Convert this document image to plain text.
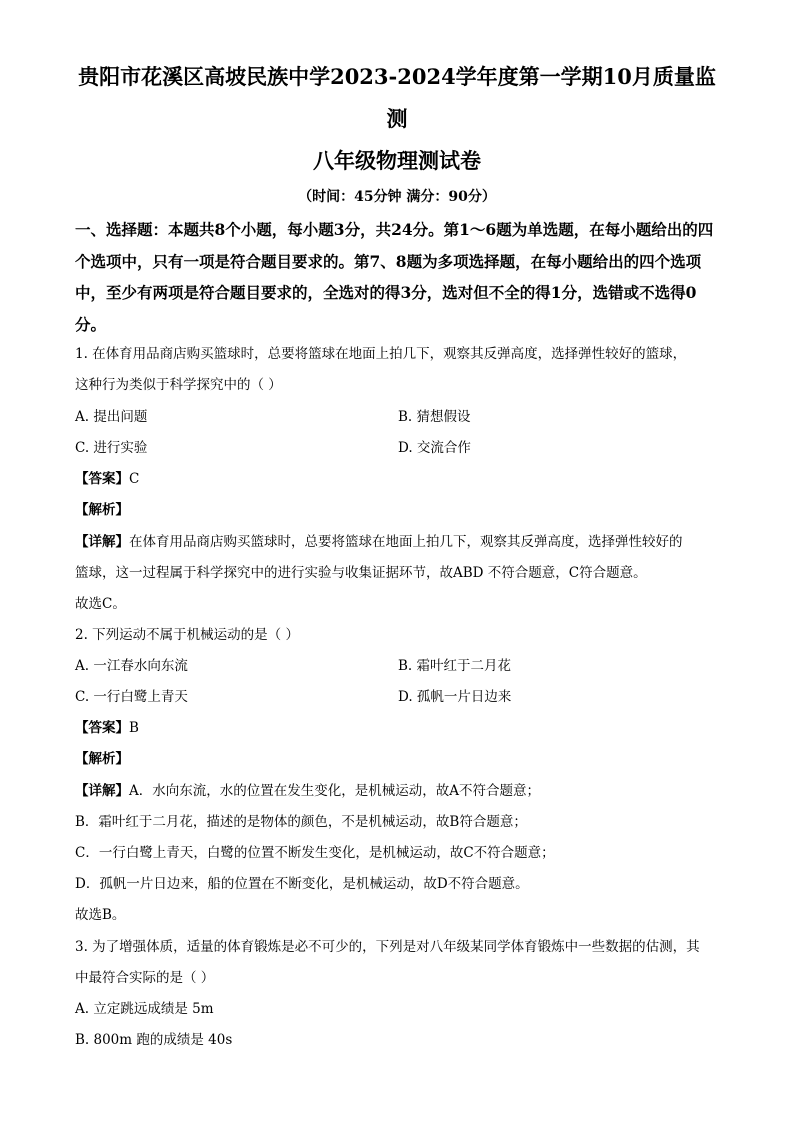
贵阳市花溪区高坡民族中学2023-2024学年度第一学期10月质量监
测
八年级物理测试卷
（时间：45分钟 满分：90分）
一、选择题：本题共8个小题，每小题3分，共24分。第1～6题为单选题，在每小题给出的四个选项中，只有一项是符合题目要求的。第7、8题为多项选择题，在每小题给出的四个选项中，至少有两项是符合题目要求的，全选对的得3分，选对但不全的得1分，选错或不选得0分。
1. 在体育用品商店购买篮球时，总要将篮球在地面上拍几下，观察其反弹高度，选择弹性较好的篮球，
这种行为类似于科学探究中的（ ）
A. 提出问题	B. 猜想假设
C. 进行实验	D. 交流合作
【答案】C
【解析】
【详解】在体育用品商店购买篮球时，总要将篮球在地面上拍几下，观察其反弹高度，选择弹性较好的
篮球，这一过程属于科学探究中的进行实验与收集证据环节，故ABD 不符合题意，C符合题意。
故选C。
2. 下列运动不属于机械运动的是（ ）
A. 一江春水向东流	B. 霜叶红于二月花
C. 一行白鹭上青天	D. 孤帆一片日边来
【答案】B
【解析】
【详解】A．水向东流，水的位置在发生变化，是机械运动，故A不符合题意；
B．霜叶红于二月花，描述的是物体的颜色，不是机械运动，故B符合题意；
C．一行白鹭上青天，白鹭的位置不断发生变化，是机械运动，故C不符合题意；
D．孤帆一片日边来，船的位置在不断变化，是机械运动，故D不符合题意。
故选B。
3. 为了增强体质，适量的体育锻炼是必不可少的，下列是对八年级某同学体育锻炼中一些数据的估测，其
中最符合实际的是（ ）
A. 立定跳远成绩是 5m
B. 800m 跑的成绩是 40s
